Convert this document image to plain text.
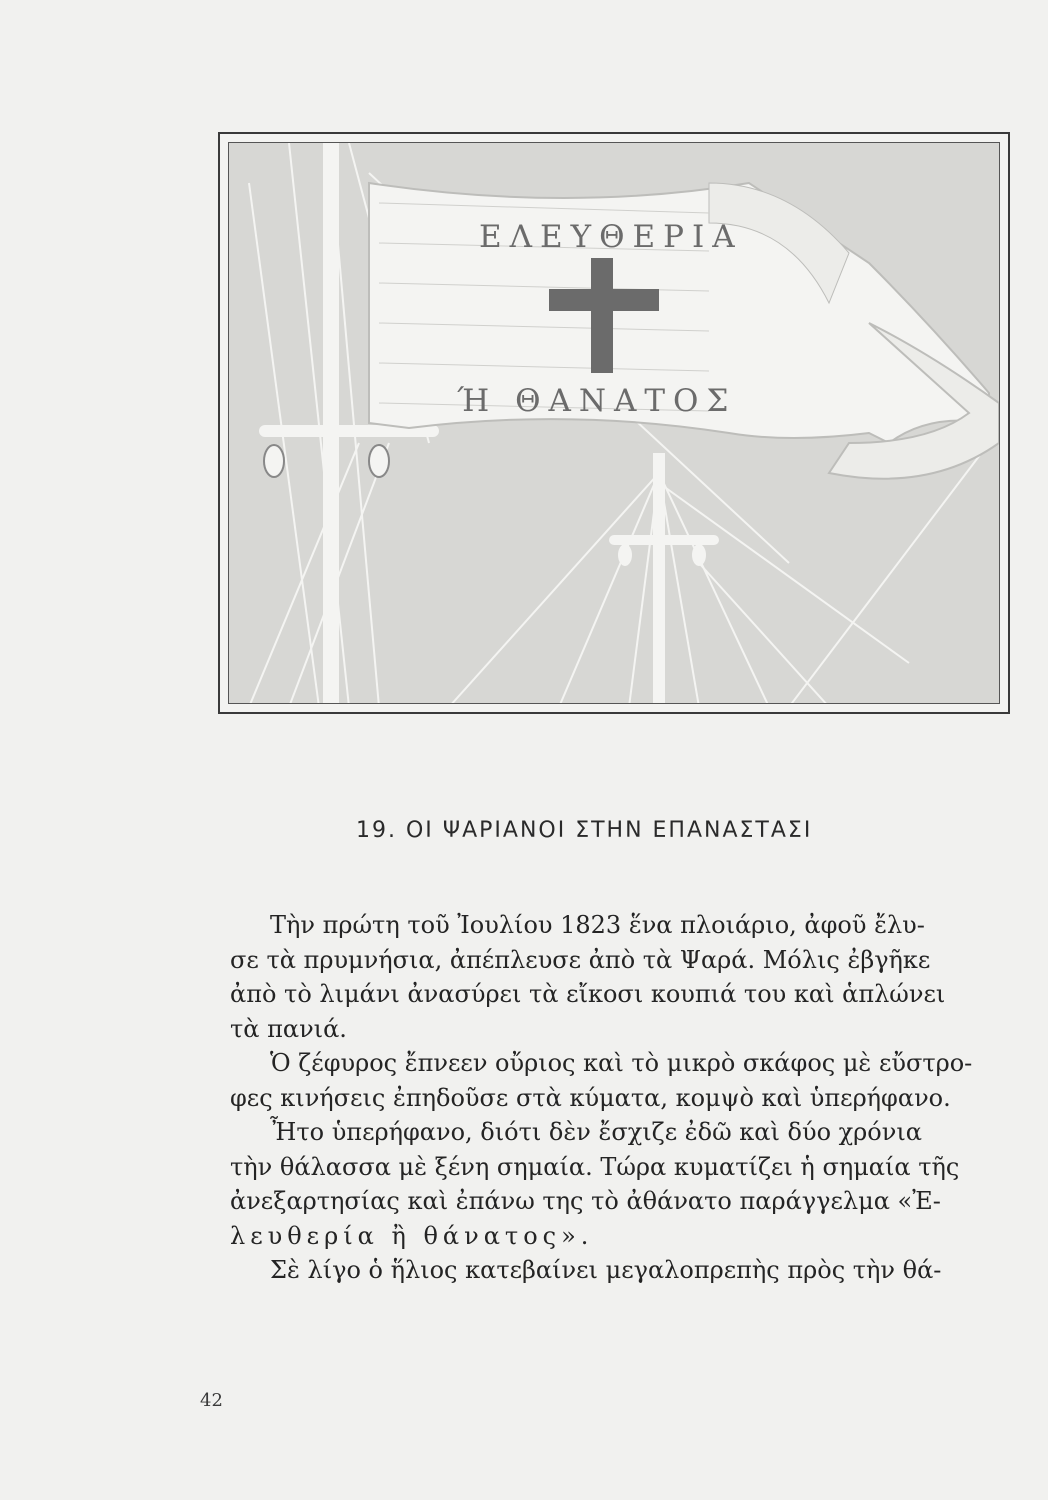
ΕΛΕΥΘΕΡΙΑ
Ή ΘΑΝΑΤΟΣ
19. ΟΙ ΨΑΡΙΑΝΟΙ ΣΤΗΝ ΕΠΑΝΑΣΤΑΣΙ
Τὴν πρώτη τοῦ Ἰουλίου 1823 ἕνα πλοιάριο, ἀφοῦ ἔλυ-
σε τὰ πρυμνήσια, ἀπέπλευσε ἀπὸ τὰ Ψαρά. Μόλις ἐβγῆκε
ἀπὸ τὸ λιμάνι ἀνασύρει τὰ εἴκοσι κουπιά του καὶ ἁπλώνει
τὰ πανιά.
Ὁ ζέφυρος ἔπνεεν οὔριος καὶ τὸ μικρὸ σκάφος μὲ εὔστρο-
φες κινήσεις ἐπηδοῦσε στὰ κύματα, κομψὸ καὶ ὑπερήφανο.
Ἦτο ὑπερήφανο, διότι δὲν ἔσχιζε ἐδῶ καὶ δύο χρόνια
τὴν θάλασσα μὲ ξένη σημαία. Τώρα κυματίζει ἡ σημαία τῆς
ἀνεξαρτησίας καὶ ἐπάνω της τὸ ἀθάνατο παράγγελμα «Ἐ-
λευθερία ἢ θάνατος».
Σὲ λίγο ὁ ἥλιος κατεβαίνει μεγαλοπρεπὴς πρὸς τὴν θά-
42
